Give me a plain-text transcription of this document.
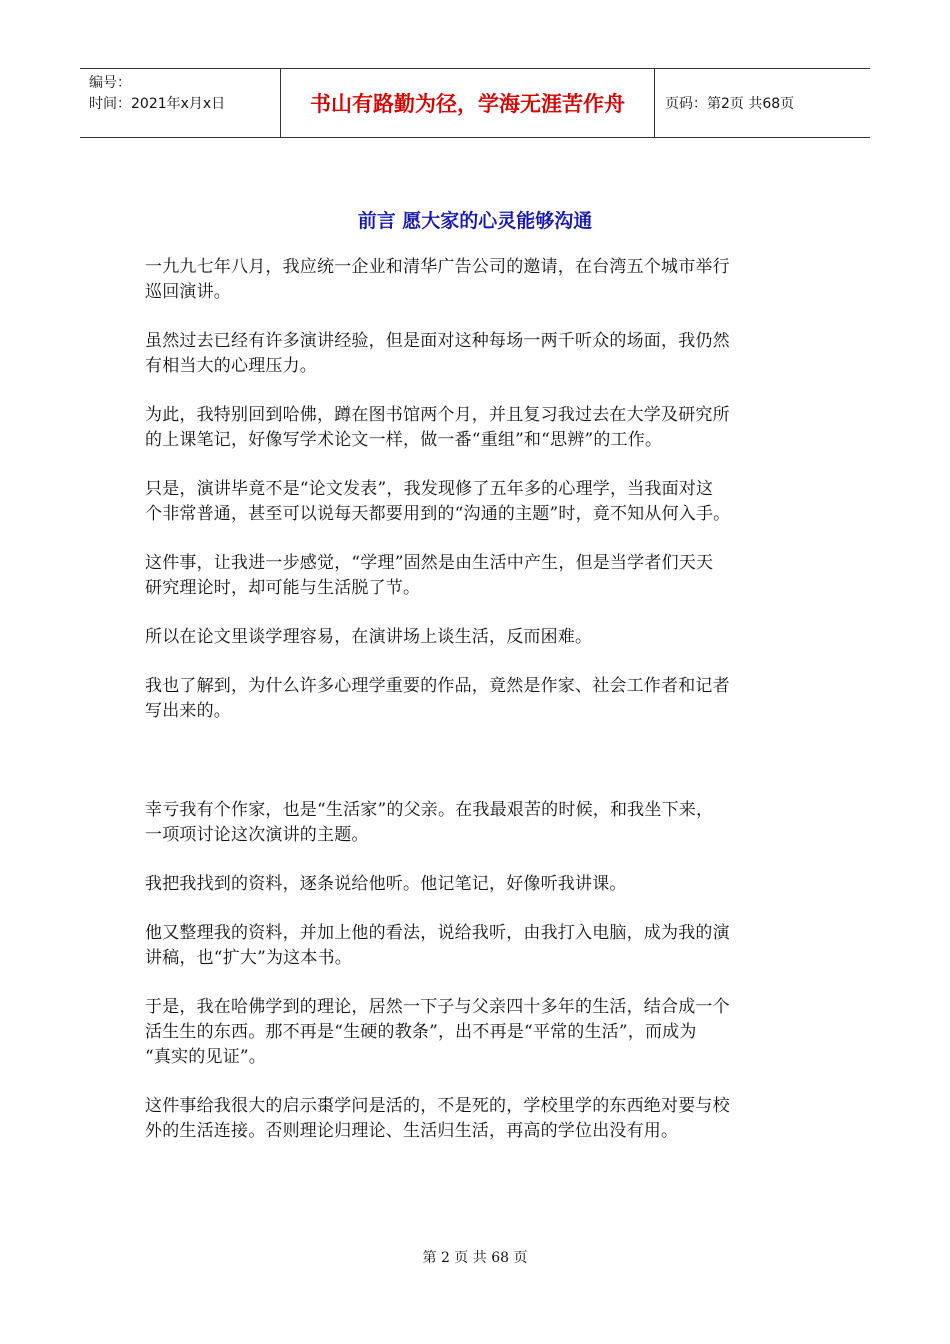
编号：
时间：2021年x月x日	书山有路勤为径，学海无涯苦作舟	页码：第2页 共68页
前言 愿大家的心灵能够沟通

一九九七年八月，我应统一企业和清华广告公司的邀请，在台湾五个城市举行

巡回演讲。

虽然过去已经有许多演讲经验，但是面对这种每场一两千听众的场面，我仍然

有相当大的心理压力。

为此，我特别回到哈佛，蹲在图书馆两个月，并且复习我过去在大学及研究所

的上课笔记，好像写学术论文一样，做一番“重组”和“思辨”的工作。

只是，演讲毕竟不是“论文发表”，我发现修了五年多的心理学，当我面对这

个非常普通，甚至可以说每天都要用到的“沟通的主题”时，竟不知从何入手。

这件事，让我进一步感觉，“学理”固然是由生活中产生，但是当学者们天天

研究理论时，却可能与生活脱了节。

所以在论文里谈学理容易，在演讲场上谈生活，反而困难。

我也了解到，为什么许多心理学重要的作品，竟然是作家、社会工作者和记者

写出来的。

幸亏我有个作家，也是“生活家”的父亲。在我最艰苦的时候，和我坐下来，

一项项讨论这次演讲的主题。

我把我找到的资料，逐条说给他听。他记笔记，好像听我讲课。

他又整理我的资料，并加上他的看法，说给我听，由我打入电脑，成为我的演

讲稿，也“扩大”为这本书。

于是，我在哈佛学到的理论，居然一下子与父亲四十多年的生活，结合成一个

活生生的东西。那不再是“生硬的教条”，出不再是“平常的生活”，而成为

“真实的见证”。

这件事给我很大的启示棗学问是活的，不是死的，学校里学的东西绝对要与校

外的生活连接。否则理论归理论、生活归生活，再高的学位出没有用。

第 2 页 共 68 页
